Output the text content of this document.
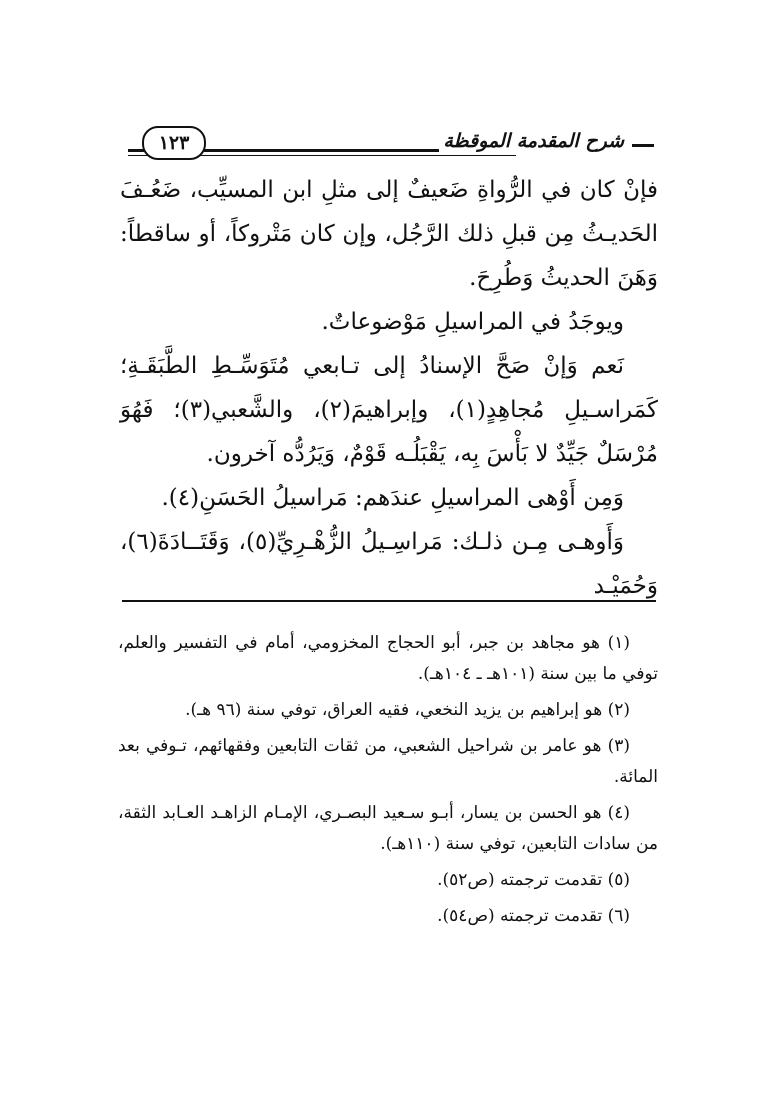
١٢٣	شرح المقدمة الموقظة

فإنْ كان في الرُّواةِ ضَعيفٌ إلى مثلِ ابن المسيِّب، ضَعُـفَ الحَديـثُ مِن قبلِ ذلك الرَّجُل، وإن كان مَتْروكاً، أو ساقطاً: وَهَنَ الحديثُ وَطُرِحَ.

ويوجَدُ في المراسيلِ مَوْضوعاتٌ.

نَعم وَإنْ صَحَّ الإسنادُ إلى تـابعي مُتَوَسِّـطِ الطَّبَقَـةِ؛ كَمَراسـيلِ مُجاهِدٍ(١)، وإبراهيمَ(٢)، والشَّعبي(٣)؛ فَهُوَ مُرْسَلٌ جَيِّدٌ لا بَأْسَ بِه، يَقْبَلُـه قَوْمٌ، وَيَرُدُّه آخرون.

وَمِن أَوْهى المراسيلِ عندَهم: مَراسيلُ الحَسَنِ(٤).

وَأَوهـى مِـن ذلـك: مَراسِـيلُ الزُّهْـرِيِّ(٥)، وَقَتَــادَةَ(٦)، وَحُمَيْـد

(١) هو مجاهد بن جبر، أبو الحجاج المخزومي، أمام في التفسير والعلم، توفي ما بين سنة (١٠١هـ ـ ١٠٤هـ).

(٢) هو إبراهيم بن يزيد النخعي، فقيه العراق، توفي سنة (٩٦ هـ).

(٣) هو عامر بن شراحيل الشعبي، من ثقات التابعين وفقهائهم، تـوفي بعد المائة.

(٤) هو الحسن بن يسار، أبـو سـعيد البصـري، الإمـام الزاهـد العـابد الثقة، من سادات التابعين، توفي سنة (١١٠هـ).

(٥) تقدمت ترجمته (ص٥٢).

(٦) تقدمت ترجمته (ص٥٤).
